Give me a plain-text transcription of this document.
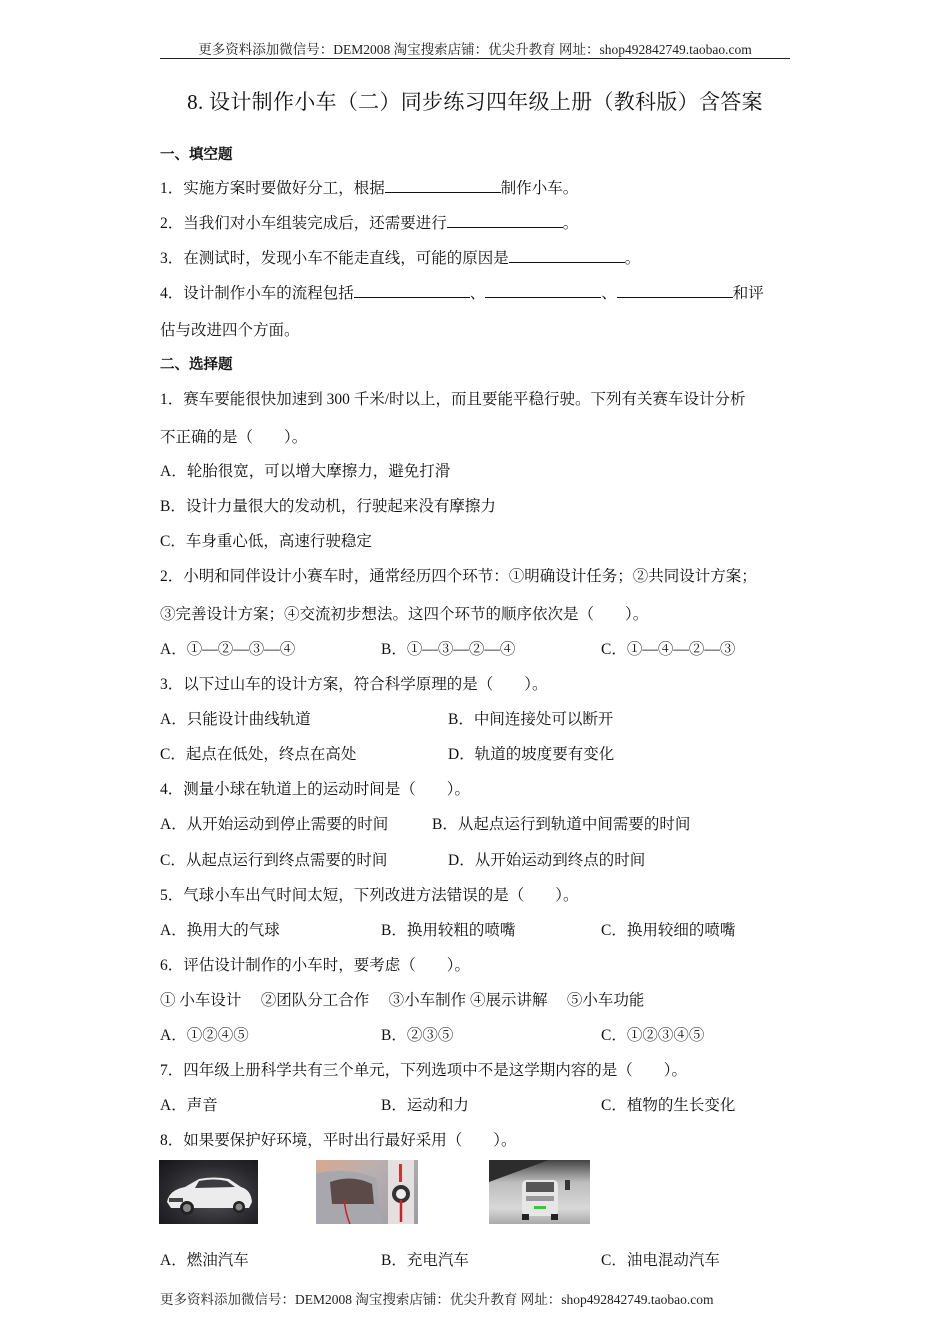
更多资料添加微信号：DEM2008 淘宝搜索店铺：优尖升教育 网址：shop492842749.taobao.com
8. 设计制作小车（二）同步练习四年级上册（教科版）含答案
一、填空题
1．实施方案时要做好分工，根据	制作小车。
2．当我们对小车组装完成后，还需要进行	。
3．在测试时，发现小车不能走直线，可能的原因是	。
4．设计制作小车的流程包括	、	、	和评
估与改进四个方面。
二、选择题
1．赛车要能很快加速到 300 千米/时以上，而且要能平稳行驶。下列有关赛车设计分析
不正确的是（　　）。
A．轮胎很宽，可以增大摩擦力，避免打滑
B．设计力量很大的发动机，行驶起来没有摩擦力
C．车身重心低，高速行驶稳定
2．小明和同伴设计小赛车时，通常经历四个环节：①明确设计任务；②共同设计方案；
③完善设计方案；④交流初步想法。这四个环节的顺序依次是（　　）。
A．①—②—③—④	B．①—③—②—④	C．①—④—②—③
3．以下过山车的设计方案，符合科学原理的是（　　）。
A．只能设计曲线轨道	B．中间连接处可以断开
C．起点在低处，终点在高处	D．轨道的坡度要有变化
4．测量小球在轨道上的运动时间是（　　）。
A．从开始运动到停止需要的时间	B．从起点运行到轨道中间需要的时间
C．从起点运行到终点需要的时间	D．从开始运动到终点的时间
5．气球小车出气时间太短，下列改进方法错误的是（　　）。
A．换用大的气球	B．换用较粗的喷嘴	C．换用较细的喷嘴
6．评估设计制作的小车时，要考虑（　　）。
① 小车设计　 ②团队分工合作　 ③小车制作 ④展示讲解　 ⑤小车功能
A．①②④⑤	B．②③⑤	C．①②③④⑤
7．四年级上册科学共有三个单元，下列选项中不是这学期内容的是（　　）。
A．声音	B．运动和力	C．植物的生长变化
8．如果要保护好环境，平时出行最好采用（　　）。
A．燃油汽车	B．充电汽车	C．油电混动汽车
更多资料添加微信号：DEM2008 淘宝搜索店铺：优尖升教育 网址：shop492842749.taobao.com
